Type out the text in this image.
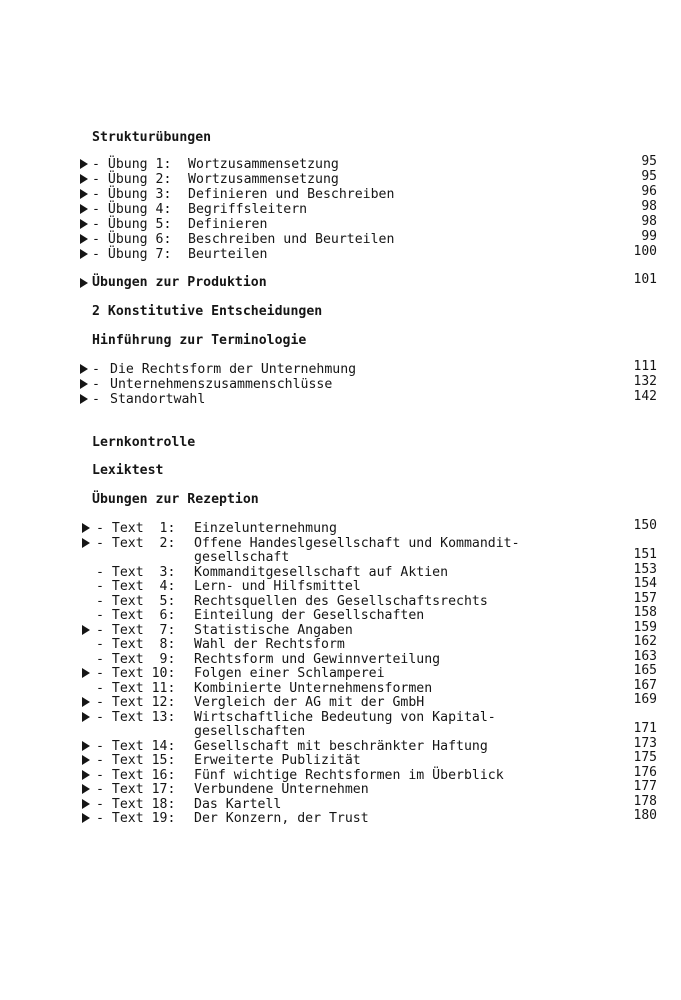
Strukturübungen
- Übung 1: Wortzusammensetzung	95
- Übung 2: Wortzusammensetzung	95
- Übung 3: Definieren und Beschreiben	96
- Übung 4: Begriffsleitern	98
- Übung 5: Definieren	98
- Übung 6: Beschreiben und Beurteilen	99
- Übung 7: Beurteilen	100
Übungen zur Produktion	101
2 Konstitutive Entscheidungen
Hinführung zur Terminologie
- Die Rechtsform der Unternehmung	111
- Unternehmenszusammenschlüsse	132
- Standortwahl	142
Lernkontrolle
Lexiktest
Übungen zur Rezeption
- Text  1: Einzelunternehmung	150
- Text  2: Offene Handeslgesellschaft und Kommandit-
gesellschaft	151
- Text  3: Kommanditgesellschaft auf Aktien	153
- Text  4: Lern- und Hilfsmittel	154
- Text  5: Rechtsquellen des Gesellschaftsrechts	157
- Text  6: Einteilung der Gesellschaften	158
- Text  7: Statistische Angaben	159
- Text  8: Wahl der Rechtsform	162
- Text  9: Rechtsform und Gewinnverteilung	163
- Text 10: Folgen einer Schlamperei	165
- Text 11: Kombinierte Unternehmensformen	167
- Text 12: Vergleich der AG mit der GmbH	169
- Text 13: Wirtschaftliche Bedeutung von Kapital-
gesellschaften	171
- Text 14: Gesellschaft mit beschränkter Haftung	173
- Text 15: Erweiterte Publizität	175
- Text 16: Fünf wichtige Rechtsformen im Überblick	176
- Text 17: Verbundene Unternehmen	177
- Text 18: Das Kartell	178
- Text 19: Der Konzern, der Trust	180
